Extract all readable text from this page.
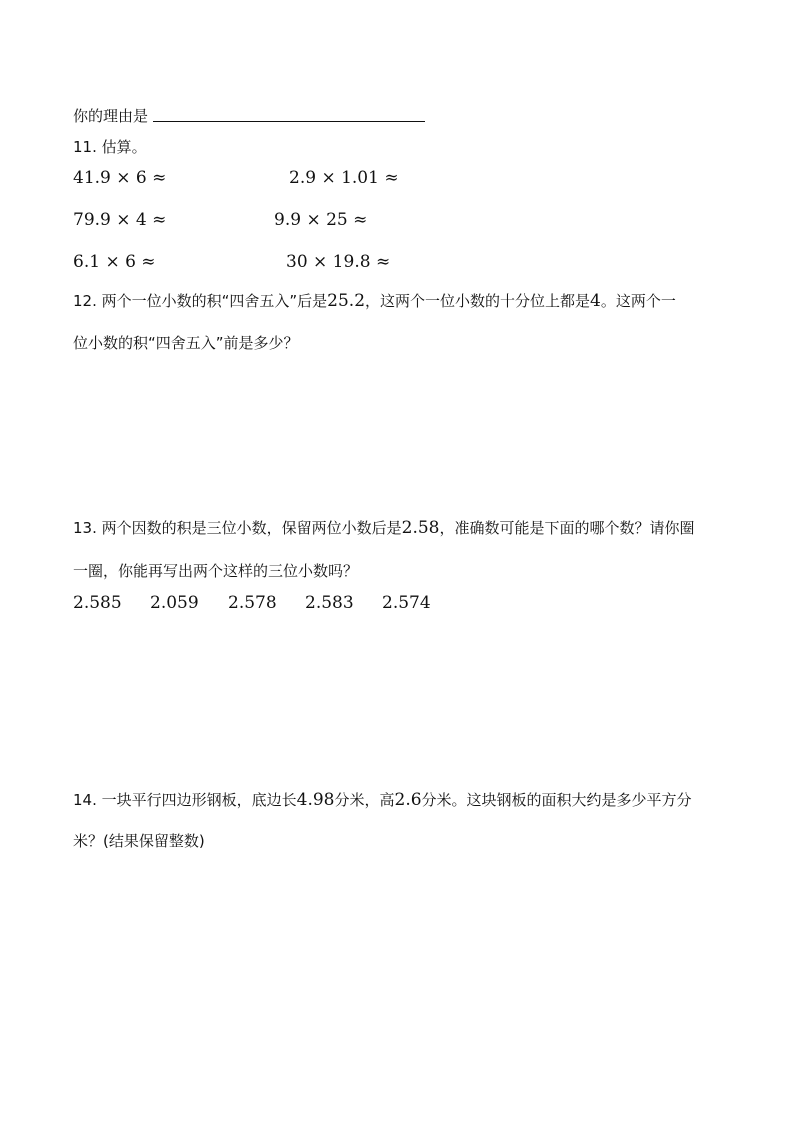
你的理由是
11. 估算。
41.9 × 6 ≈	2.9 × 1.01 ≈
79.9 × 4 ≈	9.9 × 25 ≈
6.1 × 6 ≈	30 × 19.8 ≈
12. 两个一位小数的积“四舍五入”后是25.2，这两个一位小数的十分位上都是4。这两个一
位小数的积“四舍五入”前是多少？
13. 两个因数的积是三位小数，保留两位小数后是2.58，准确数可能是下面的哪个数？请你圈
一圈，你能再写出两个这样的三位小数吗？
2.585 2.059 2.578 2.583 2.574
14. 一块平行四边形钢板，底边长4.98分米，高2.6分米。这块钢板的面积大约是多少平方分
米？(结果保留整数)
